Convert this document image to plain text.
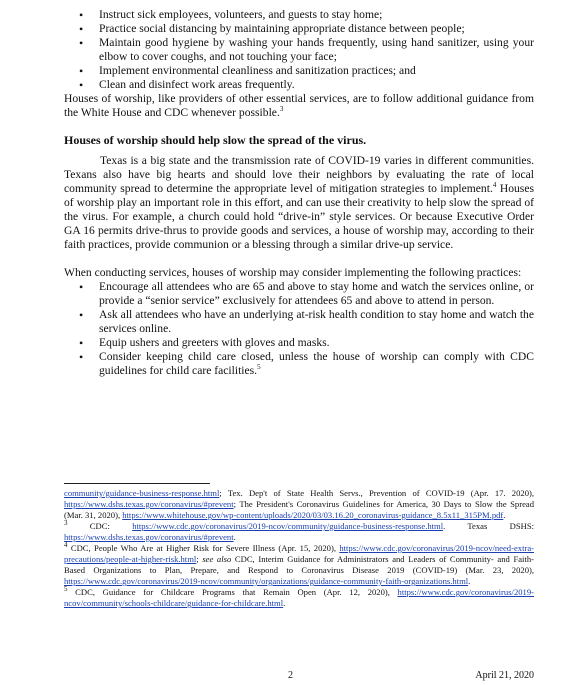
• Instruct sick employees, volunteers, and guests to stay home;
• Practice social distancing by maintaining appropriate distance between people;
• Maintain good hygiene by washing your hands frequently, using hand sanitizer, using your elbow to cover coughs, and not touching your face;
• Implement environmental cleanliness and sanitization practices; and
• Clean and disinfect work areas frequently.

Houses of worship, like providers of other essential services, are to follow additional guidance from the White House and CDC whenever possible.$^3$

Houses of worship should help slow the spread of the virus.

Texas is a big state and the transmission rate of COVID-19 varies in different communities. Texans also have big hearts and should love their neighbors by evaluating the rate of local community spread to determine the appropriate level of mitigation strategies to implement.$^4$ Houses of worship play an important role in this effort, and can use their creativity to help slow the spread of the virus. For example, a church could hold “drive-in” style services. Or because Executive Order GA 16 permits drive-thrus to provide goods and services, a house of worship may, according to their faith practices, provide communion or a blessing through a similar drive-up service.

When conducting services, houses of worship may consider implementing the following practices:

• Encourage all attendees who are 65 and above to stay home and watch the services online, or provide a “senior service” exclusively for attendees 65 and above to attend in person.
• Ask all attendees who have an underlying at-risk health condition to stay home and watch the services online.
• Equip ushers and greeters with gloves and masks.
• Consider keeping child care closed, unless the house of worship can comply with CDC guidelines for child care facilities.$^5$

community/guidance-business-response.html; Tex. Dep't of State Health Servs., Prevention of COVID-19 (Apr. 17. 2020), https://www.dshs.texas.gov/coronavirus/#prevent; The President's Coronavirus Guidelines for America, 30 Days to Slow the Spread (Mar. 31, 2020), https://www.whitehouse.gov/wp-content/uploads/2020/03/03.16.20_coronavirus-guidance_8.5x11_315PM.pdf.

$^3$ CDC: https://www.cdc.gov/coronavirus/2019-ncov/community/guidance-business-response.html. Texas DSHS: https://www.dshs.texas.gov/coronavirus/#prevent.

$^4$ CDC, People Who Are at Higher Risk for Severe Illness (Apr. 15, 2020), https://www.cdc.gov/coronavirus/2019-ncov/need-extra-precautions/people-at-higher-risk.html; see also CDC, Interim Guidance for Administrators and Leaders of Community- and Faith-Based Organizations to Plan, Prepare, and Respond to Coronavirus Disease 2019 (COVID-19) (Mar. 23, 2020), https://www.cdc.gov/coronavirus/2019-ncov/community/organizations/guidance-community-faith-organizations.html.

$^5$ CDC, Guidance for Childcare Programs that Remain Open (Apr. 12, 2020), https://www.cdc.gov/coronavirus/2019-ncov/community/schools-childcare/guidance-for-childcare.html.

2	April 21, 2020
